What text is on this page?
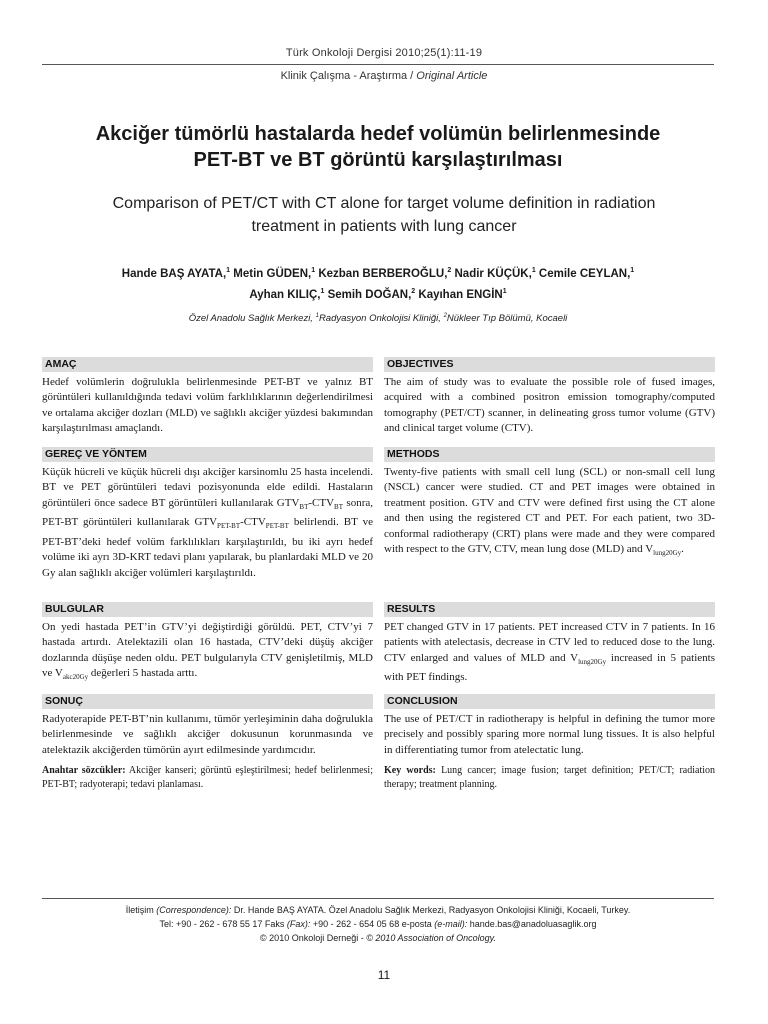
Türk Onkoloji Dergisi 2010;25(1):11-19
Klinik Çalışma - Araştırma / Original Article
Akciğer tümörlü hastalarda hedef volümün belirlenmesinde
PET-BT ve BT görüntü karşılaştırılması
Comparison of PET/CT with CT alone for target volume definition in radiation
treatment in patients with lung cancer
Hande BAŞ AYATA,$^1$ Metin GÜDEN,$^1$ Kezban BERBEROĞLU,$^2$ Nadir KÜÇÜK,$^1$ Cemile CEYLAN,$^1$
Ayhan KILIÇ,$^1$ Semih DOĞAN,$^2$ Kayıhan ENGİN$^1$
Özel Anadolu Sağlık Merkezi, $^1$Radyasyon Onkolojisi Kliniği, $^2$Nükleer Tıp Bölümü, Kocaeli
AMAÇ

Hedef volümlerin doğrulukla belirlenmesinde PET-BT ve yalnız BT görüntüleri kullanıldığında tedavi volüm farklılıklarının değerlendirilmesi ve ortalama akciğer dozları (MLD) ve sağlıklı akciğer yüzdesi bakımından karşılaştırılması amaçlandı.

GEREÇ VE YÖNTEM

Küçük hücreli ve küçük hücreli dışı akciğer karsinomlu 25 hasta incelendi. BT ve PET görüntüleri tedavi pozisyonunda elde edildi. Hastaların görüntüleri önce sadece BT görüntüleri kullanılarak $GTV_{BT}-CTV_{BT}$ sonra, PET-BT görüntüleri kullanılarak $GTV_{PET-BT}-CTV_{PET-BT}$ belirlendi. BT ve PET-BT’deki hedef volüm farklılıkları karşılaştırıldı, bu iki ayrı hedef volüme iki ayrı 3D-KRT tedavi planı yapılarak, bu planlardaki MLD ve 20 Gy alan sağlıklı akciğer volümleri karşılaştırıldı.

BULGULAR

On yedi hastada PET’in GTV’yi değiştirdiği görüldü. PET, CTV’yi 7 hastada artırdı. Atelektazili olan 16 hastada, CTV’deki düşüş akciğer dozlarında düşüşe neden oldu. PET bulgularıyla CTV genişletilmiş, MLD ve $V_{akc20Gy}$ değerleri 5 hastada arttı.

SONUÇ

Radyoterapide PET-BT’nin kullanımı, tümör yerleşiminin daha doğrulukla belirlenmesinde ve sağlıklı akciğer dokusunun korunmasında ve atelektazik akciğerden tümörün ayırt edilmesinde yardımcıdır.

Anahtar sözcükler: Akciğer kanseri; görüntü eşleştirilmesi; hedef belirlenmesi; PET-BT; radyoterapi; tedavi planlaması.
OBJECTIVES

The aim of study was to evaluate the possible role of fused images, acquired with a combined positron emission tomography/computed tomography (PET/CT) scanner, in delineating gross tumor volume (GTV) and clinical target volume (CTV).

METHODS

Twenty-five patients with small cell lung (SCL) or non-small cell lung (NSCL) cancer were studied. CT and PET images were obtained in treatment position. GTV and CTV were defined first using the CT alone and then using the registered CT and PET. For each patient, two 3D-conformal radiotherapy (CRT) plans were made and they were compared with respect to the GTV, CTV, mean lung dose (MLD) and $V_{lung20Gy}$.

RESULTS

PET changed GTV in 17 patients. PET increased CTV in 7 patients. In 16 patients with atelectasis, decrease in CTV led to reduced dose to the lung. CTV enlarged and values of MLD and $V_{lung20Gy}$ increased in 5 patients with PET findings.

CONCLUSION

The use of PET/CT in radiotherapy is helpful in defining the tumor more precisely and possibly sparing more normal lung tissues. It is also helpful in differentiating tumor from atelectatic lung.

Key words: Lung cancer; image fusion; target definition; PET/CT; radiation therapy; treatment planning.
İletişim (Correspondence): Dr. Hande BAŞ AYATA. Özel Anadolu Sağlık Merkezi, Radyasyon Onkolojisi Kliniği, Kocaeli, Turkey.
Tel: +90 - 262 - 678 55 17 Faks (Fax): +90 - 262 - 654 05 68 e-posta (e-mail): hande.bas@anadoluasaglik.org
© 2010 Onkoloji Derneği - © 2010 Association of Oncology.
11
